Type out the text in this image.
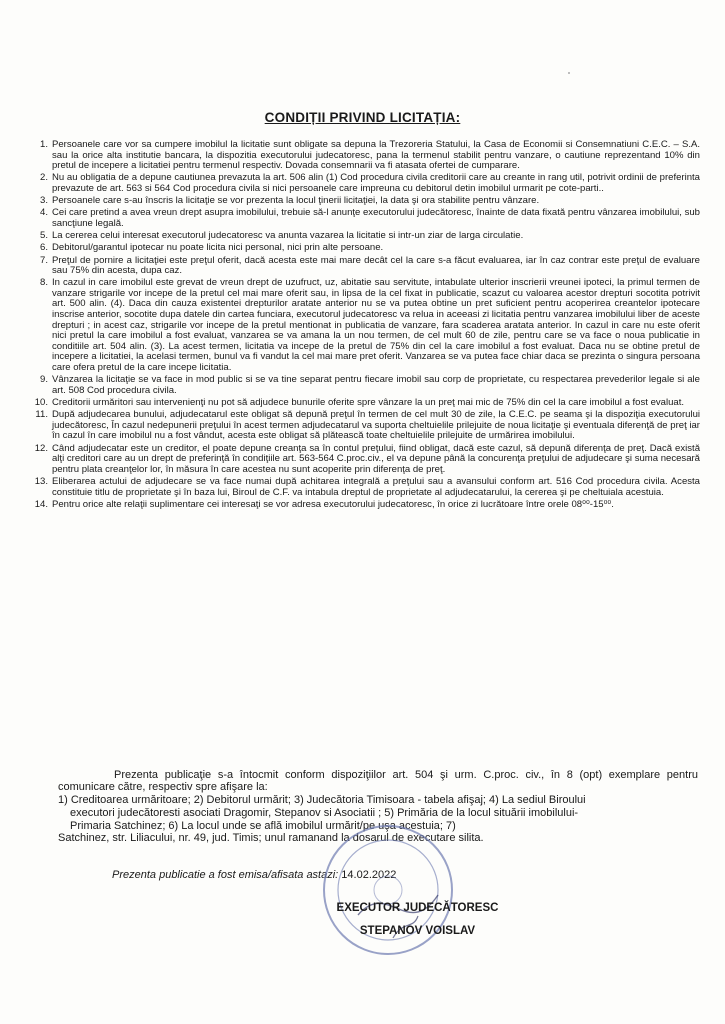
CONDIȚII PRIVIND LICITAȚIA:
1. Persoanele care vor sa cumpere imobilul la licitatie sunt obligate sa depuna la Trezoreria Statului, la Casa de Economii si Consemnatiuni C.E.C. – S.A. sau la orice alta institutie bancara, la dispozitia executorului judecatoresc, pana la termenul stabilit pentru vanzare, o cautiune reprezentand 10% din pretul de incepere a licitatiei pentru termenul respectiv. Dovada consemnarii va fi atasata ofertei de cumparare.
2. Nu au obligatia de a depune cautiunea prevazuta la art. 506 alin (1) Cod procedura civila creditorii care au creante in rang util, potrivit ordinii de preferinta prevazute de art. 563 si 564 Cod procedura civila si nici persoanele care impreuna cu debitorul detin imobilul urmarit pe cote-parti..
3. Persoanele care s-au înscris la licitaţie se vor prezenta la locul ţinerii licitaţiei, la data şi ora stabilite pentru vânzare.
4. Cei care pretind a avea vreun drept asupra imobilului, trebuie să-l anunţe executorului judecătoresc, înainte de data fixată pentru vânzarea imobilului, sub sancţiune legală.
5. La cererea celui interesat executorul judecatoresc va anunta vazarea la licitatie si intr-un ziar de larga circulatie.
6. Debitorul/garantul ipotecar nu poate licita nici personal, nici prin alte persoane.
7. Preţul de pornire a licitaţiei este preţul oferit, dacă acesta este mai mare decât cel la care s-a făcut evaluarea, iar în caz contrar este preţul de evaluare sau 75% din acesta, dupa caz.
8. In cazul in care imobilul este grevat de vreun drept de uzufruct, uz, abitatie sau servitute, intabulate ulterior inscrierii vreunei ipoteci, la primul termen de vanzare strigarile vor incepe de la pretul cel mai mare oferit sau, in lipsa de la cel fixat in publicatie, scazut cu valoarea acestor drepturi socotita potrivit art. 500 alin. (4). Daca din cauza existentei drepturilor aratate anterior nu se va putea obtine un pret suficient pentru acoperirea creantelor ipotecare inscrise anterior, socotite dupa datele din cartea funciara, executorul judecatoresc va relua in aceeasi zi licitatia pentru vanzarea imobilului liber de aceste drepturi ; in acest caz, strigarile vor incepe de la pretul mentionat in publicatia de vanzare, fara scaderea aratata anterior. In cazul in care nu este oferit nici pretul la care imobilul a fost evaluat, vanzarea se va amana la un nou termen, de cel mult 60 de zile, pentru care se va face o noua publicatie in conditiile art. 504 alin. (3). La acest termen, licitatia va incepe de la pretul de 75% din cel la care imobilul a fost evaluat. Daca nu se obtine pretul de incepere a licitatiei, la acelasi termen, bunul va fi vandut la cel mai mare pret oferit. Vanzarea se va putea face chiar daca se prezinta o singura persoana care ofera pretul de la care incepe licitatia.
9. Vânzarea la licitaţie se va face in mod public si se va tine separat pentru fiecare imobil sau corp de proprietate, cu respectarea prevederilor legale si ale art. 508 Cod procedura civila.
10. Creditorii urmăritori sau intervenienţi nu pot să adjudece bunurile oferite spre vânzare la un preţ mai mic de 75% din cel la care imobilul a fost evaluat.
11. După adjudecarea bunului, adjudecatarul este obligat să depună preţul în termen de cel mult 30 de zile, la C.E.C. pe seama şi la dispoziţia executorului judecătoresc, În cazul nedepunerii preţului în acest termen adjudecatarul va suporta cheltuielile prilejuite de noua licitaţie şi eventuala diferenţă de preţ iar în cazul în care imobilul nu a fost vândut, acesta este obligat să plătească toate cheltuielile prilejuite de urmărirea imobilului.
12. Când adjudecatar este un creditor, el poate depune creanţa sa în contul preţului, fiind obligat, dacă este cazul, să depună diferenţa de preţ. Dacă există alţi creditori care au un drept de preferinţă în condiţiile art. 563-564 C.proc.civ., el va depune până la concurenţa preţului de adjudecare şi suma necesară pentru plata creanţelor lor, în măsura în care acestea nu sunt acoperite prin diferenţa de preţ.
13. Eliberarea actului de adjudecare se va face numai după achitarea integrală a preţului sau a avansului conform art. 516 Cod procedura civila. Acesta constituie titlu de proprietate şi în baza lui, Biroul de C.F. va intabula dreptul de proprietate al adjudecatarului, la cererea şi pe cheltuiala acestuia.
14. Pentru orice alte relaţii suplimentare cei interesaţi se vor adresa executorului judecatoresc, în orice zi lucrătoare între orele 08⁰⁰-15⁰⁰.
Prezenta publicaţie s-a întocmit conform dispoziţiilor art. 504 şi urm. C.proc. civ., în 8 (opt) exemplare pentru comunicare către, respectiv spre afişare la:

1) Creditoarea urmăritoare; 2) Debitorul urmărit; 3) Judecătoria Timisoara - tabela afişaj; 4) La sediul Biroului

executori judecătoresti asociati Dragomir, Stepanov si Asociatii ; 5) Primăria de la locul situării imobilului-

Primaria Satchinez; 6) La locul unde se află imobilul urmărit/pe uşa acestuia; 7)

Satchinez, str. Liliacului, nr. 49, jud. Timis; unul ramanand la dosarul de executare silita.

Prezenta publicatie a fost emisa/afisata astazi: 14.02.2022
EXECUTOR JUDECĂTORESC
STEPANOV VOISLAV
